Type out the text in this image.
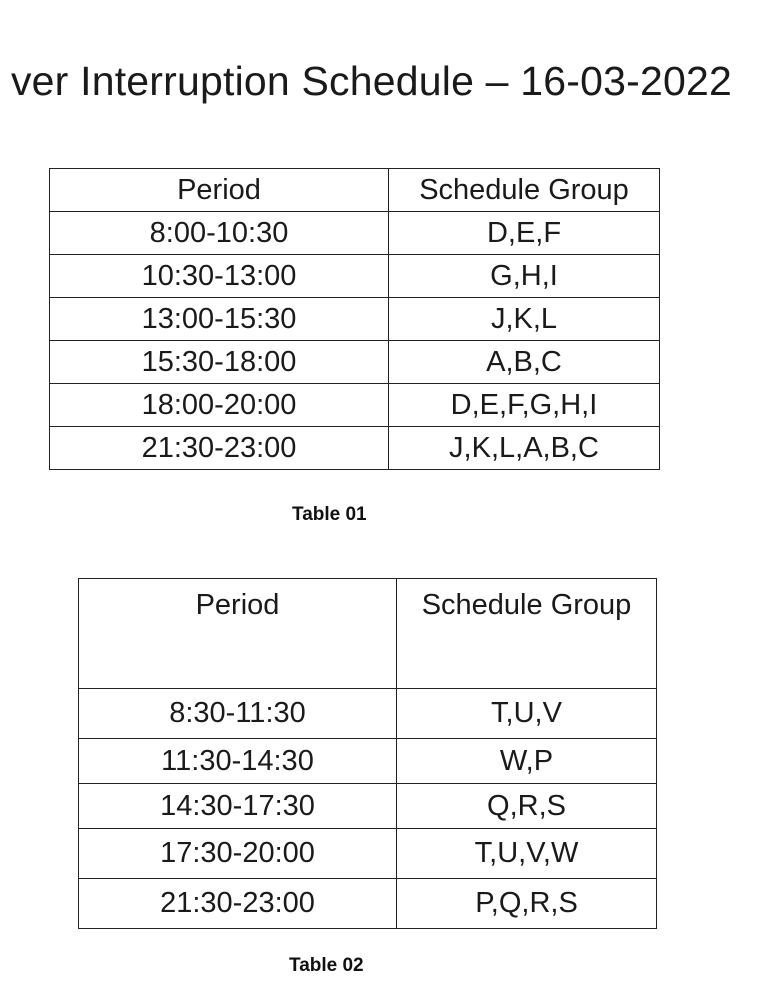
ver Interruption Schedule – 16-03-2022
Period	Schedule Group
8:00-10:30	D,E,F
10:30-13:00	G,H,I
13:00-15:30	J,K,L
15:30-18:00	A,B,C
18:00-20:00	D,E,F,G,H,I
21:30-23:00	J,K,L,A,B,C
Table 01
Period	Schedule Group
8:30-11:30	T,U,V
11:30-14:30	W,P
14:30-17:30	Q,R,S
17:30-20:00	T,U,V,W
21:30-23:00	P,Q,R,S
Table 02
